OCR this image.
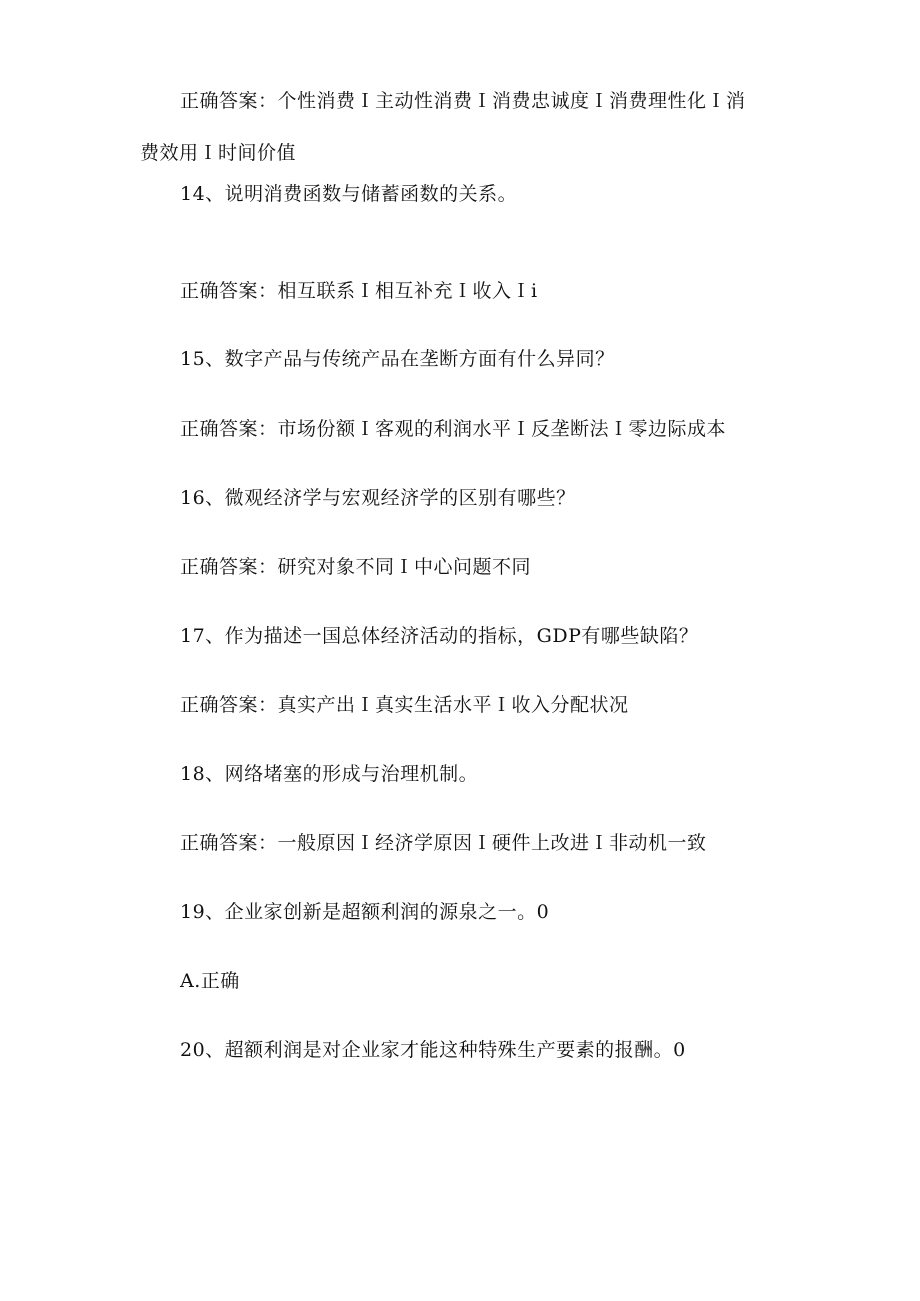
正确答案：个性消费Ｉ主动性消费Ｉ消费忠诚度Ｉ消费理性化Ｉ消
费效用Ｉ时间价值
14、说明消费函数与储蓄函数的关系。
正确答案：相互联系Ｉ相互补充Ｉ收入Ｉi
15、数字产品与传统产品在垄断方面有什么异同？
正确答案：市场份额Ｉ客观的利润水平Ｉ反垄断法Ｉ零边际成本
16、微观经济学与宏观经济学的区别有哪些？
正确答案：研究对象不同Ｉ中心问题不同
17、作为描述一国总体经济活动的指标，GDP有哪些缺陷？
正确答案：真实产出Ｉ真实生活水平Ｉ收入分配状况
18、网络堵塞的形成与治理机制。
正确答案：一般原因Ｉ经济学原因Ｉ硬件上改进Ｉ非动机一致
19、企业家创新是超额利润的源泉之一。0
A.正确
20、超额利润是对企业家才能这种特殊生产要素的报酬。0
